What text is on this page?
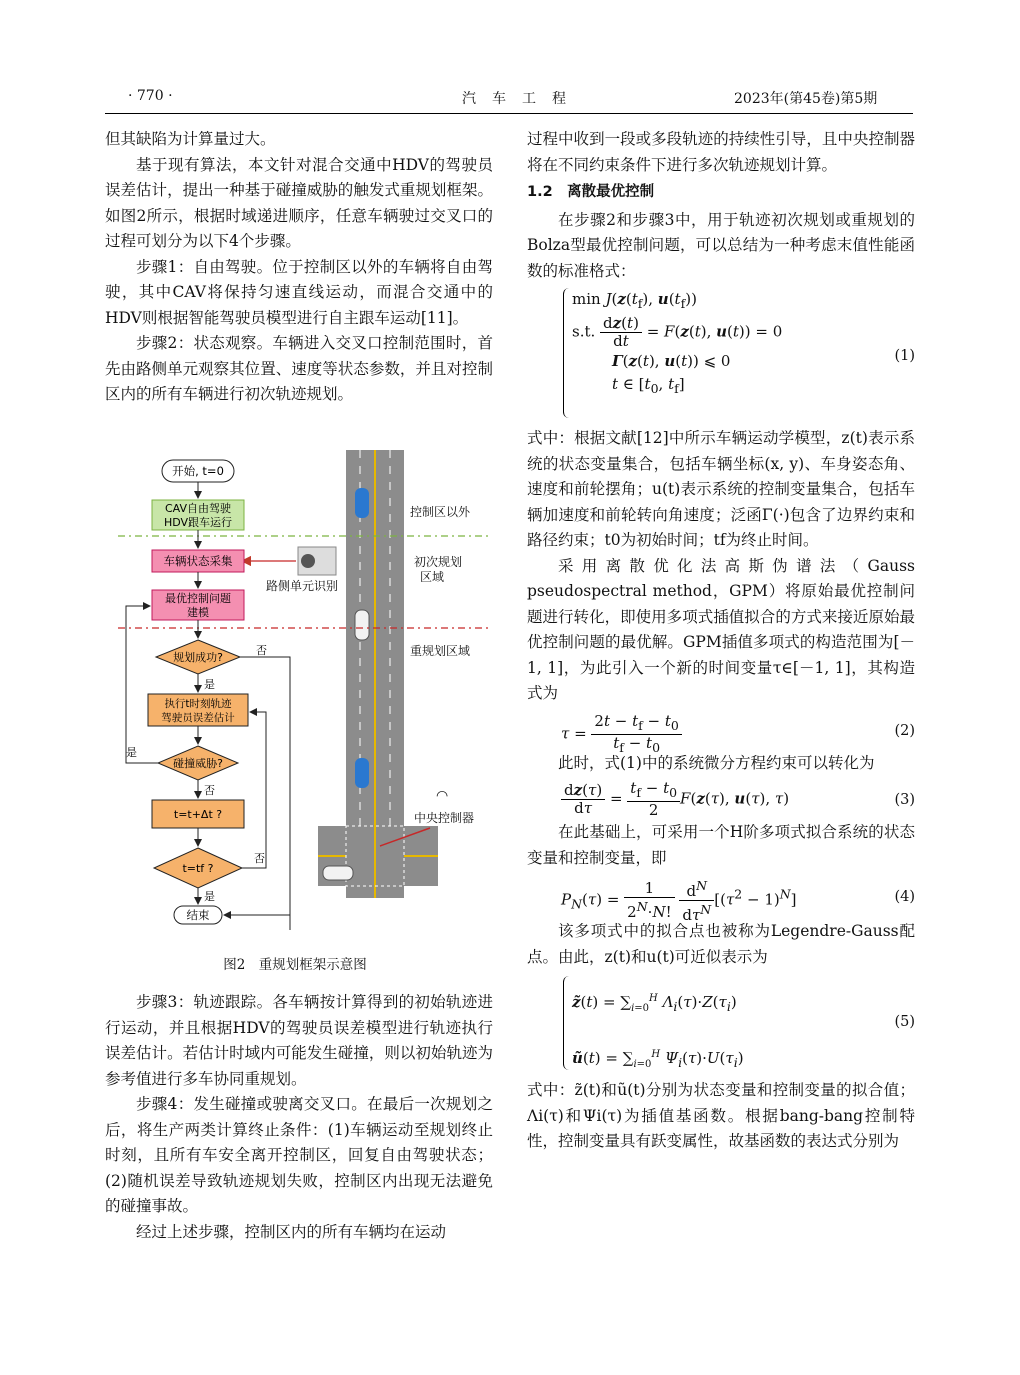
· 770 ·	汽　车　工　程	2023年(第45卷)第5期

但其缺陷为计算量过大。

基于现有算法，本文针对混合交通中HDV的驾驶员误差估计，提出一种基于碰撞威胁的触发式重规划框架。如图2所示，根据时域递进顺序，任意车辆驶过交叉口的过程可划分为以下4个步骤。

步骤1：自由驾驶。位于控制区以外的车辆将自由驾驶，其中CAV将保持匀速直线运动，而混合交通中的HDV则根据智能驾驶员模型进行自主跟车运动[11]。

步骤2：状态观察。车辆进入交叉口控制范围时，首先由路侧单元观察其位置、速度等状态参数，并且对控制区内的所有车辆进行初次轨迹规划。

控制区以外
初次规划
区域
重规划区域
◠
中央控制器
路侧单元识别
开始, t=0
CAV自由驾驶
HDV跟车运行
车辆状态采集
最优控制问题
建模
规划成功?
否
是
执行t时刻轨迹
驾驶员误差估计
碰撞威胁?
是
否
t=t+Δt ?
t=tf ?
否
是
结束
图2　重规划框架示意图

步骤3：轨迹跟踪。各车辆按计算得到的初始轨迹进行运动，并且根据HDV的驾驶员误差模型进行轨迹执行误差估计。若估计时域内可能发生碰撞，则以初始轨迹为参考值进行多车协同重规划。

步骤4：发生碰撞或驶离交叉口。在最后一次规划之后，将生产两类计算终止条件：(1)车辆运动至规划终止时刻，且所有车安全离开控制区，回复自由驾驶状态；(2)随机误差导致轨迹规划失败，控制区内出现无法避免的碰撞事故。

经过上述步骤，控制区内的所有车辆均在运动

过程中收到一段或多段轨迹的持续性引导，且中央控制器将在不同约束条件下进行多次轨迹规划计算。

1.2　离散最优控制

在步骤2和步骤3中，用于轨迹初次规划或重规划的Bolza型最优控制问题，可以总结为一种考虑末值性能函数的标准格式：

$\min J(z(t_f)$, $u(t_f)$)
s.t. $\frac{dz(t)}{dt} = F(z(t)$, u(t)) = 0
Γ(z(t), u(t)) ⩽ 0
t ∈ [$t_0$, $t_f$]
(1)

式中：根据文献[12]中所示车辆运动学模型，z(t)表示系统的状态变量集合，包括车辆坐标(x, y)、车身姿态角、速度和前轮摆角；u(t)表示系统的控制变量集合，包括车辆加速度和前轮转向角速度；泛函Γ(·)包含了边界约束和路径约束；t0为初始时间；tf为终止时间。

采用离散优化法高斯伪谱法（Gauss pseudospectral method，GPM）将原始最优控制问题进行转化，即使用多项式插值拟合的方式来接近原始最优控制问题的最优解。GPM插值多项式的构造范围为[－1, 1]，为此引入一个新的时间变量τ∈[－1, 1]，其构造式为

$\tau = \frac{2t - t_f - t_0}{t_f - t_0}$	(2)

此时，式(1)中的系统微分方程约束可以转化为

$\frac{dz(\tau)}{d\tau} = \frac{t_f - t_0}{2} F(z(\tau)$, u(τ), τ)	(3)

在此基础上，可采用一个H阶多项式拟合系统的状态变量和控制变量，即

$P_N(\tau) = \frac{1}{2^N\cdot N!}$
$\frac{d^N}{d\tau^N} [(\tau^2 - 1)^N]$	(4)

该多项式中的拟合点也被称为Legendre-Gauss配点。由此，z(t)和u(t)可近似表示为

z̃(t) = $\sum_{i=0}^H$ $\Lambda_i(\tau)\cdot Z(\tau_i)$
ũ(t) = $\sum_{i=0}^H$ $\Psi_i(\tau)\cdot U(\tau_i)$
(5)

式中：z̃(t)和ũ(t)分别为状态变量和控制变量的拟合值；Λi(τ)和Ψi(τ)为插值基函数。根据bang-bang控制特性，控制变量具有跃变属性，故基函数的表达式分别为
